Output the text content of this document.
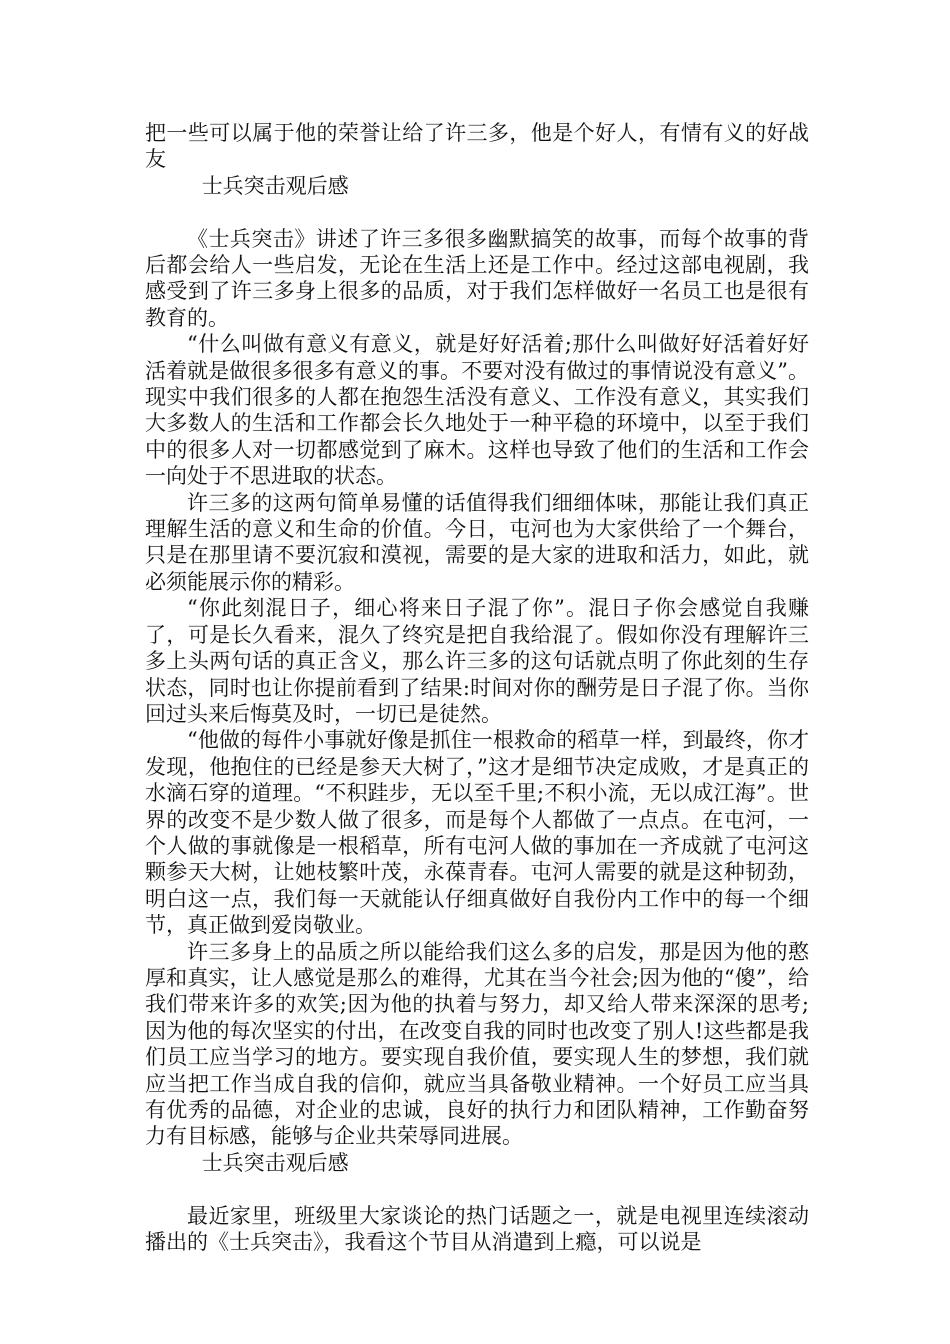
把一些可以属于他的荣誉让给了许三多，他是个好人，有情有义的好战友

士兵突击观后感

《士兵突击》讲述了许三多很多幽默搞笑的故事，而每个故事的背后都会给人一些启发，无论在生活上还是工作中。经过这部电视剧，我感受到了许三多身上很多的品质，对于我们怎样做好一名员工也是很有教育的。

“什么叫做有意义有意义，就是好好活着;那什么叫做好好活着好好活着就是做很多很多有意义的事。不要对没有做过的事情说没有意义”。现实中我们很多的人都在抱怨生活没有意义、工作没有意义，其实我们大多数人的生活和工作都会长久地处于一种平稳的环境中，以至于我们中的很多人对一切都感觉到了麻木。这样也导致了他们的生活和工作会一向处于不思进取的状态。

许三多的这两句简单易懂的话值得我们细细体味，那能让我们真正理解生活的意义和生命的价值。今日，屯河也为大家供给了一个舞台，只是在那里请不要沉寂和漠视，需要的是大家的进取和活力，如此，就必须能展示你的精彩。

“你此刻混日子，细心将来日子混了你”。混日子你会感觉自我赚了，可是长久看来，混久了终究是把自我给混了。假如你没有理解许三多上头两句话的真正含义，那么许三多的这句话就点明了你此刻的生存状态，同时也让你提前看到了结果:时间对你的酬劳是日子混了你。当你回过头来后悔莫及时，一切已是徒然。

“他做的每件小事就好像是抓住一根救命的稻草一样，到最终，你才发现，他抱住的已经是参天大树了，”这才是细节决定成败，才是真正的水滴石穿的道理。“不积跬步，无以至千里;不积小流，无以成江海”。世界的改变不是少数人做了很多，而是每个人都做了一点点。在屯河，一个人做的事就像是一根稻草，所有屯河人做的事加在一齐成就了屯河这颗参天大树，让她枝繁叶茂，永葆青春。屯河人需要的就是这种韧劲，明白这一点，我们每一天就能认仔细真做好自我份内工作中的每一个细节，真正做到爱岗敬业。

许三多身上的品质之所以能给我们这么多的启发，那是因为他的憨厚和真实，让人感觉是那么的难得，尤其在当今社会;因为他的“傻”，给我们带来许多的欢笑;因为他的执着与努力，却又给人带来深深的思考;因为他的每次坚实的付出，在改变自我的同时也改变了别人!这些都是我们员工应当学习的地方。要实现自我价值，要实现人生的梦想，我们就应当把工作当成自我的信仰，就应当具备敬业精神。一个好员工应当具有优秀的品德，对企业的忠诚，良好的执行力和团队精神，工作勤奋努力有目标感，能够与企业共荣辱同进展。

士兵突击观后感

最近家里，班级里大家谈论的热门话题之一，就是电视里连续滚动播出的《士兵突击》，我看这个节目从消遣到上瘾，可以说是
